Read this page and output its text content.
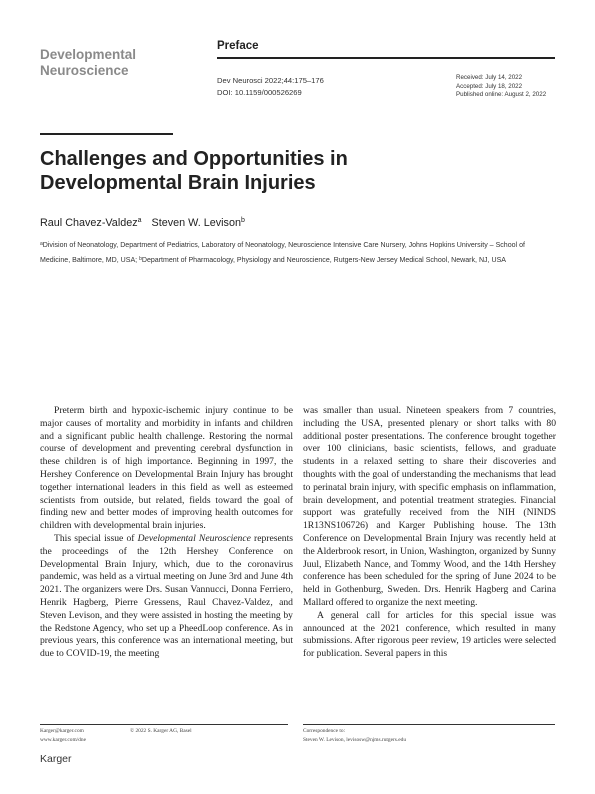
Developmental
Neuroscience
Preface
Dev Neurosci 2022;44:175–176
DOI: 10.1159/000526269
Received: July 14, 2022
Accepted: July 18, 2022
Published online: August 2, 2022
Challenges and Opportunities in
Developmental Brain Injuries
Raul Chavez-Valdez$^a$ Steven W. Levison$^b$
$^a$Division of Neonatology, Department of Pediatrics, Laboratory of Neonatology, Neuroscience Intensive Care Nursery, Johns Hopkins University – School of Medicine, Baltimore, MD, USA; $^b$Department of Pharmacology, Physiology and Neuroscience, Rutgers-New Jersey Medical School, Newark, NJ, USA

Preterm birth and hypoxic-ischemic injury continue to be major causes of mortality and morbidity in infants and children and a significant public health challenge. Restoring the normal course of development and preventing cerebral dysfunction in these children is of high importance. Beginning in 1997, the Hershey Conference on Developmental Brain Injury has brought together international leaders in this field as well as esteemed scientists from outside, but related, fields toward the goal of finding new and better modes of improving health outcomes for children with developmental brain injuries.

This special issue of Developmental Neuroscience represents the proceedings of the 12th Hershey Conference on Developmental Brain Injury, which, due to the coronavirus pandemic, was held as a virtual meeting on June 3rd and June 4th 2021. The organizers were Drs. Susan Vannucci, Donna Ferriero, Henrik Hagberg, Pierre Gressens, Raul Chavez-Valdez, and Steven Levison, and they were assisted in hosting the meeting by the Redstone Agency, who set up a PheedLoop conference. As in previous years, this conference was an international meeting, but due to COVID-19, the meeting

was smaller than usual. Nineteen speakers from 7 countries, including the USA, presented plenary or short talks with 80 additional poster presentations. The conference brought together over 100 clinicians, basic scientists, fellows, and graduate students in a relaxed setting to share their discoveries and thoughts with the goal of understanding the mechanisms that lead to perinatal brain injury, with specific emphasis on inflammation, brain development, and potential treatment strategies. Financial support was gratefully received from the NIH (NINDS 1R13NS106726) and Karger Publishing house. The 13th Conference on Developmental Brain Injury was recently held at the Alderbrook resort, in Union, Washington, organized by Sunny Juul, Elizabeth Nance, and Tommy Wood, and the 14th Hershey conference has been scheduled for the spring of June 2024 to be held in Gothenburg, Sweden. Drs. Henrik Hagberg and Carina Mallard offered to organize the next meeting.

A general call for articles for this special issue was announced at the 2021 conference, which resulted in many submissions. After rigorous peer review, 19 articles were selected for publication. Several papers in this

Karger@karger.com
www.karger.com/dne
© 2022 S. Karger AG, Basel	Correspondence to:
Steven W. Levison, levisosw@njms.rutgers.edu
Karger
